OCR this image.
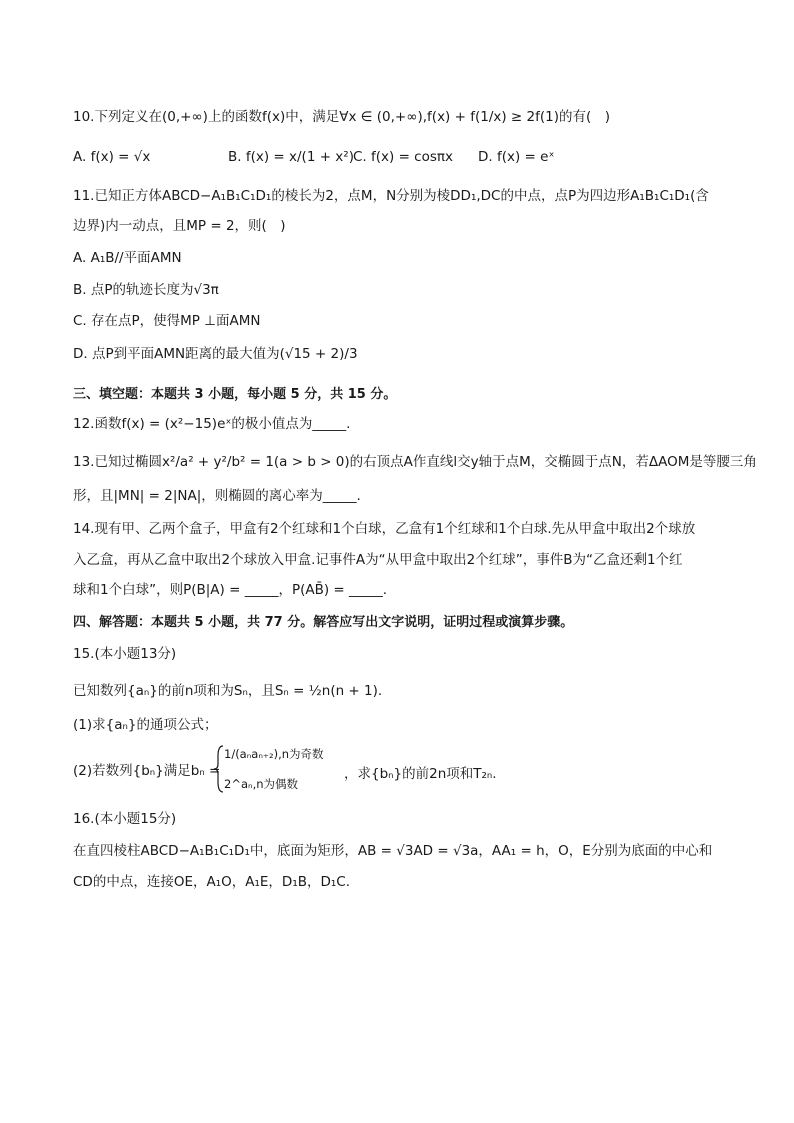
10.下列定义在(0,+∞)上的函数f(x)中，满足∀x ∈ (0,+∞),f(x) + f(1/x) ≥ 2f(1)的有(　)
A. f(x) = √x	B. f(x) = x/(1 + x²) C. f(x) = cosπx D. f(x) = eˣ
11.已知正方体ABCD−A₁B₁C₁D₁的棱长为2，点M，N分别为棱DD₁,DC的中点，点P为四边形A₁B₁C₁D₁(含
边界)内一动点，且MP = 2，则(　)
A. A₁B//平面AMN
B. 点P的轨迹长度为√3π
C. 存在点P，使得MP ⊥面AMN
D. 点P到平面AMN距离的最大值为(√15 + 2)/3
三、填空题：本题共 3 小题，每小题 5 分，共 15 分。
12.函数f(x) = (x²−15)eˣ的极小值点为_____.
13.已知过椭圆x²/a² + y²/b² = 1(a > b > 0)的右顶点A作直线l交y轴于点M，交椭圆于点N，若ΔAOM是等腰三角
形，且|MN| = 2|NA|，则椭圆的离心率为_____.
14.现有甲、乙两个盒子，甲盒有2个红球和1个白球，乙盒有1个红球和1个白球.先从甲盒中取出2个球放
入乙盒，再从乙盒中取出2个球放入甲盒.记事件A为“从甲盒中取出2个红球”，事件B为“乙盒还剩1个红
球和1个白球”，则P(B|A) = _____，P(AB̄) = _____.
四、解答题：本题共 5 小题，共 77 分。解答应写出文字说明，证明过程或演算步骤。
15.(本小题13分)
已知数列{aₙ}的前n项和为Sₙ，且Sₙ = ½n(n + 1).
(1)求{aₙ}的通项公式；
(2)若数列{bₙ}满足bₙ =
1/(aₙaₙ₊₂),n为奇数
2^aₙ,n为偶数
，求{bₙ}的前2n项和T₂ₙ.
16.(本小题15分)
在直四棱柱ABCD−A₁B₁C₁D₁中，底面为矩形，AB = √3AD = √3a，AA₁ = h，O，E分别为底面的中心和
CD的中点，连接OE，A₁O，A₁E，D₁B，D₁C.
